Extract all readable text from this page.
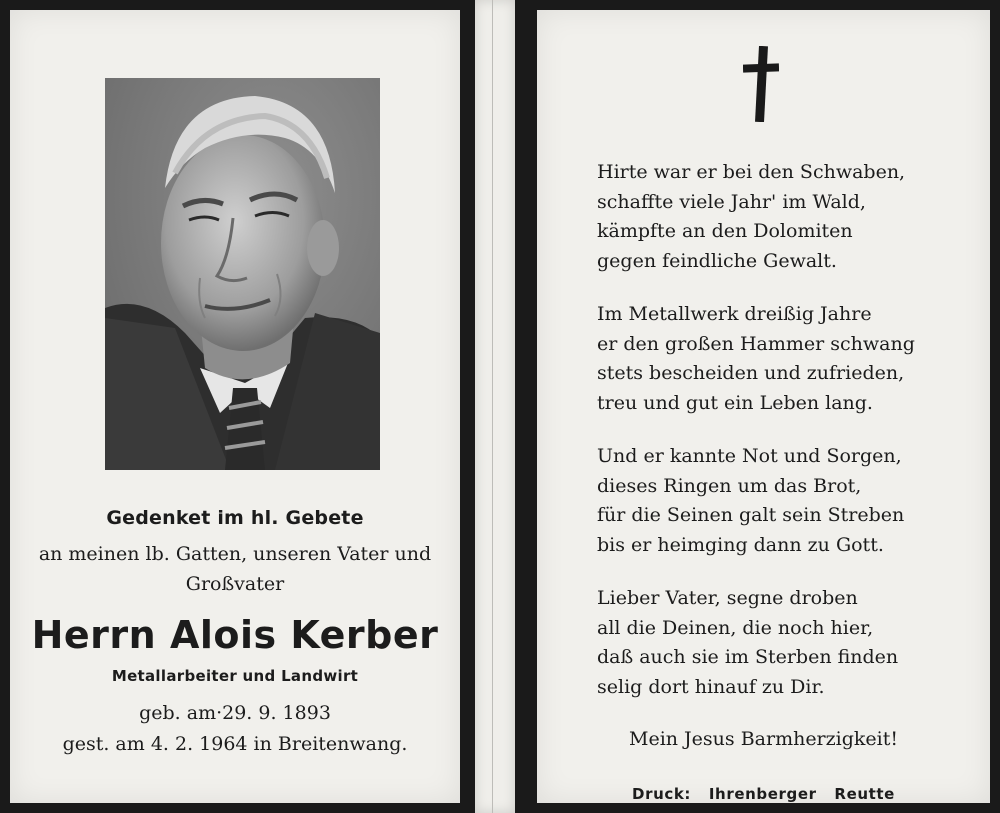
Gedenket im hl. Gebete
an meinen lb. Gatten, unseren Vater und
Großvater
Herrn Alois Kerber
Metallarbeiter und Landwirt
geb. am·29. 9. 1893
gest. am 4. 2. 1964 in Breitenwang.
Hirte war er bei den Schwaben,
schaffte viele Jahr' im Wald,
kämpfte an den Dolomiten
gegen feindliche Gewalt.
Im Metallwerk dreißig Jahre
er den großen Hammer schwang
stets bescheiden und zufrieden,
treu und gut ein Leben lang.
Und er kannte Not und Sorgen,
dieses Ringen um das Brot,
für die Seinen galt sein Streben
bis er heimging dann zu Gott.
Lieber Vater, segne droben
all die Deinen, die noch hier,
daß auch sie im Sterben finden
selig dort hinauf zu Dir.
Mein Jesus Barmherzigkeit!
Druck: Ihrenberger Reutte
